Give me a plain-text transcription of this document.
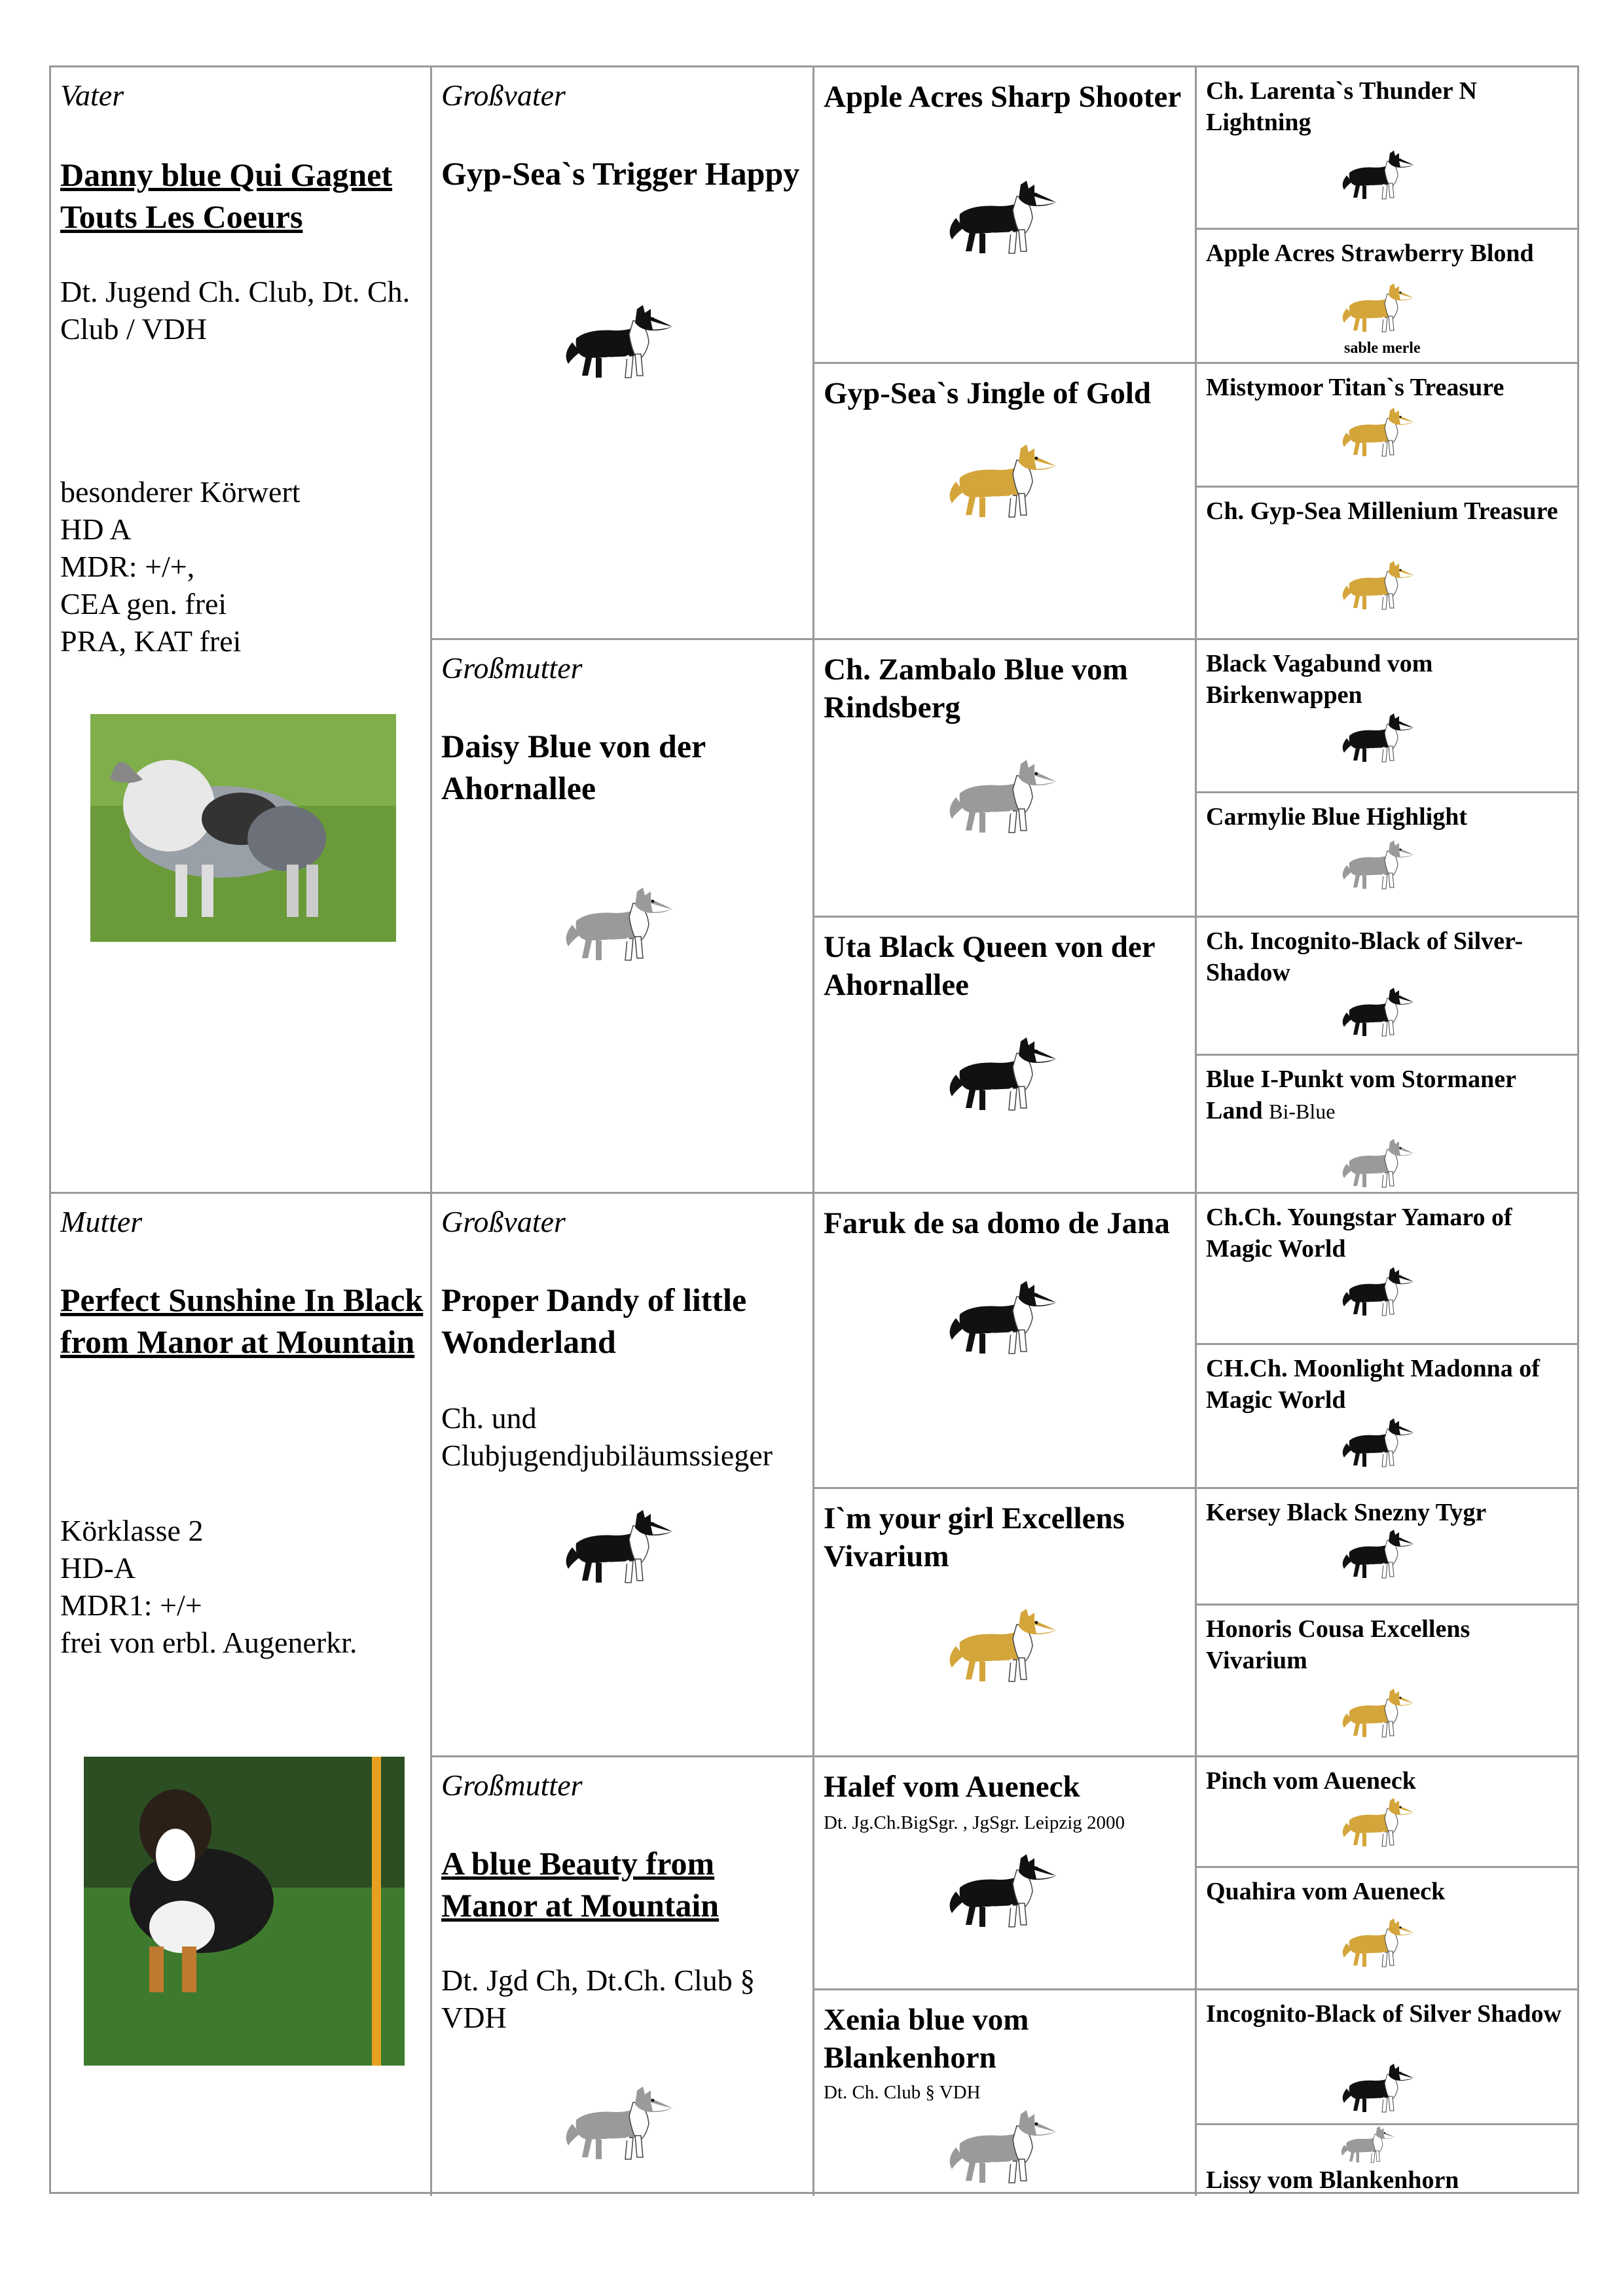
Vater
Danny blue Qui Gagnet Touts Les Coeurs
Dt. Jugend Ch. Club, Dt. Ch. Club / VDH
besonderer Körwert
HD A
MDR: +/+,
CEA gen. frei
PRA, KAT frei
Mutter
Perfect Sunshine In Black from Manor at Mountain
Körklasse 2
HD-A
MDR1: +/+
frei von erbl. Augenerkr.
Großvater
Gyp-Sea`s Trigger Happy
Großmutter
Daisy Blue von der Ahornallee
Großvater
Proper Dandy of little Wonderland
Ch. und Clubjugendjubiläumssieger
Großmutter
A blue Beauty from Manor at Mountain
Dt. Jgd Ch, Dt.Ch. Club § VDH
Apple Acres Sharp Shooter
Gyp-Sea`s Jingle of Gold
Ch. Zambalo Blue vom Rindsberg
Uta Black Queen von der Ahornallee
Faruk de sa domo de Jana
I`m your girl Excellens Vivarium
Halef vom Aueneck
Dt. Jg.Ch.BigSgr. , JgSgr. Leipzig 2000
Xenia blue vom Blankenhorn
Dt. Ch. Club § VDH
Ch. Larenta`s Thunder N Lightning
Apple Acres Strawberry Blond
sable merle
Mistymoor Titan`s Treasure
Ch. Gyp-Sea Millenium Treasure
Black Vagabund vom Birkenwappen
Carmylie Blue Highlight
Ch. Incognito-Black of Silver-Shadow
Blue I-Punkt vom Stormaner Land Bi-Blue
Ch.Ch. Youngstar Yamaro of Magic World
CH.Ch. Moonlight Madonna of Magic World
Kersey Black Snezny Tygr
Honoris Cousa Excellens Vivarium
Pinch vom Aueneck
Quahira vom Aueneck
Incognito-Black of Silver Shadow
Lissy vom Blankenhorn
